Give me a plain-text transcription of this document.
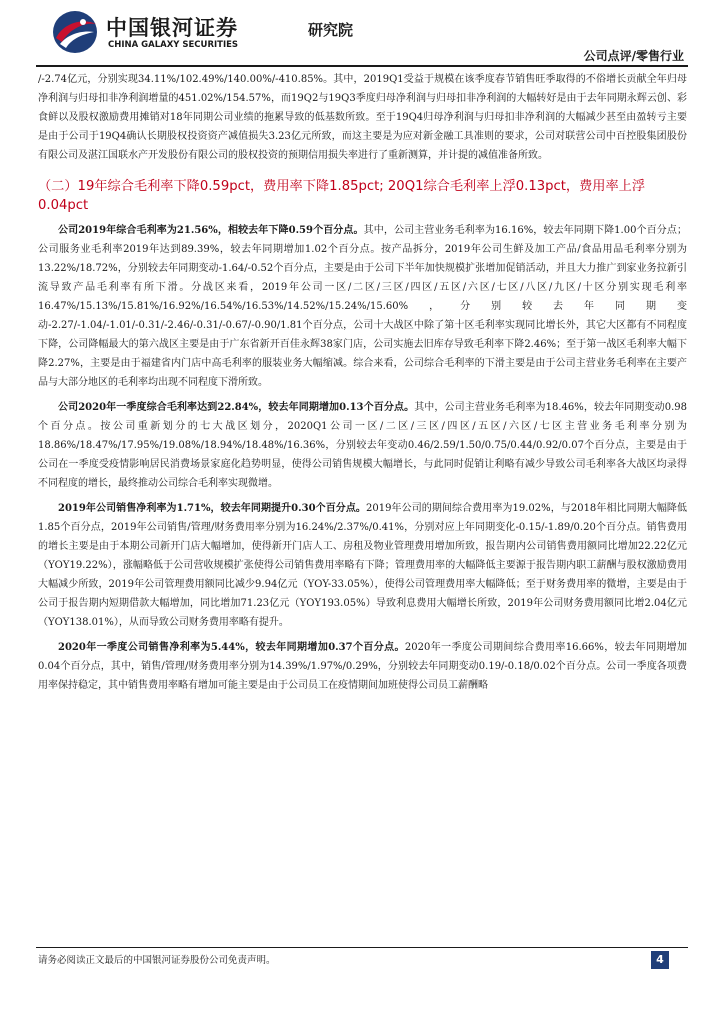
中国银河证券
CHINA GALAXY SECURITIES
研究院
公司点评/零售行业

/-2.74亿元，分别实现34.11%/102.49%/140.00%/-410.85%。其中，2019Q1受益于规模在该季度春节销售旺季取得的不俗增长贡献全年归母净利润与归母扣非净利润增量的451.02%/154.57%，而19Q2与19Q3季度归母净利润与归母扣非净利润的大幅转好是由于去年同期永辉云创、彩食鲜以及股权激励费用摊销对18年同期公司业绩的拖累导致的低基数所致。至于19Q4归母净利润与归母扣非净利润的大幅减少甚至由盈转亏主要是由于公司于19Q4确认长期股权投资资产减值损失3.23亿元所致，而这主要是为应对新金融工具准则的要求，公司对联营公司中百控股集团股份有限公司及湛江国联水产开发股份有限公司的股权投资的预期信用损失率进行了重新测算，并计提的减值准备所致。

（二）19年综合毛利率下降0.59pct，费用率下降1.85pct; 20Q1综合毛利率上浮0.13pct，费用率上浮0.04pct

公司2019年综合毛利率为21.56%，相较去年下降0.59个百分点。其中，公司主营业务毛利率为16.16%，较去年同期下降1.00个百分点；公司服务业毛利率2019年达到89.39%，较去年同期增加1.02个百分点。按产品拆分，2019年公司生鲜及加工产品/食品用品毛利率分别为13.22%/18.72%，分别较去年同期变动-1.64/-0.52个百分点，主要是由于公司下半年加快规模扩张增加促销活动，并且大力推广到家业务拉新引流导致产品毛利率有所下滑。分战区来看，2019年公司一区/二区/三区/四区/五区/六区/七区/八区/九区/十区分别实现毛利率16.47%/15.13%/15.81%/16.92%/16.54%/16.53%/14.52%/15.24%/15.60%，分别较去年同期变动-2.27/-1.04/-1.01/-0.31/-2.46/-0.31/-0.67/-0.90/1.81个百分点，公司十大战区中除了第十区毛利率实现同比增长外，其它大区都有不同程度下降，公司降幅最大的第六战区主要是由于广东省新开百佳永辉38家门店，公司实施去旧库存导致毛利率下降2.46%；至于第一战区毛利率大幅下降2.27%，主要是由于福建省内门店中高毛利率的服装业务大幅缩减。综合来看，公司综合毛利率的下滑主要是由于公司主营业务毛利率在主要产品与大部分地区的毛利率均出现不同程度下滑所致。

公司2020年一季度综合毛利率达到22.84%，较去年同期增加0.13个百分点。其中，公司主营业务毛利率为18.46%，较去年同期变动0.98个百分点。按公司重新划分的七大战区划分，2020Q1公司一区/二区/三区/四区/五区/六区/七区主营业务毛利率分别为18.86%/18.47%/17.95%/19.08%/18.94%/18.48%/16.36%，分别较去年变动0.46/2.59/1.50/0.75/0.44/0.92/0.07个百分点，主要是由于公司在一季度受疫情影响居民消费场景家庭化趋势明显，使得公司销售规模大幅增长，与此同时促销让利略有减少导致公司毛利率各大战区均录得不同程度的增长，最终推动公司综合毛利率实现微增。

2019年公司销售净利率为1.71%，较去年同期提升0.30个百分点。2019年公司的期间综合费用率为19.02%，与2018年相比同期大幅降低1.85个百分点，2019年公司销售/管理/财务费用率分别为16.24%/2.37%/0.41%，分别对应上年同期变化-0.15/-1.89/0.20个百分点。销售费用的增长主要是由于本期公司新开门店大幅增加，使得新开门店人工、房租及物业管理费用增加所致，报告期内公司销售费用额同比增加22.22亿元（YOY19.22%），涨幅略低于公司营收规模扩张使得公司销售费用率略有下降；管理费用率的大幅降低主要源于报告期内职工薪酬与股权激励费用大幅减少所致，2019年公司管理费用额同比减少9.94亿元（YOY-33.05%），使得公司管理费用率大幅降低；至于财务费用率的微增，主要是由于公司于报告期内短期借款大幅增加，同比增加71.23亿元（YOY193.05%）导致利息费用大幅增长所致，2019年公司财务费用额同比增2.04亿元（YOY138.01%），从而导致公司财务费用率略有提升。

2020年一季度公司销售净利率为5.44%，较去年同期增加0.37个百分点。2020年一季度公司期间综合费用率16.66%，较去年同期增加0.04个百分点，其中，销售/管理/财务费用率分别为14.39%/1.97%/0.29%，分别较去年同期变动0.19/-0.18/0.02个百分点。公司一季度各项费用率保持稳定，其中销售费用率略有增加可能主要是由于公司员工在疫情期间加班使得公司员工薪酬略

请务必阅读正文最后的中国银河证券股份公司免责声明。	4
